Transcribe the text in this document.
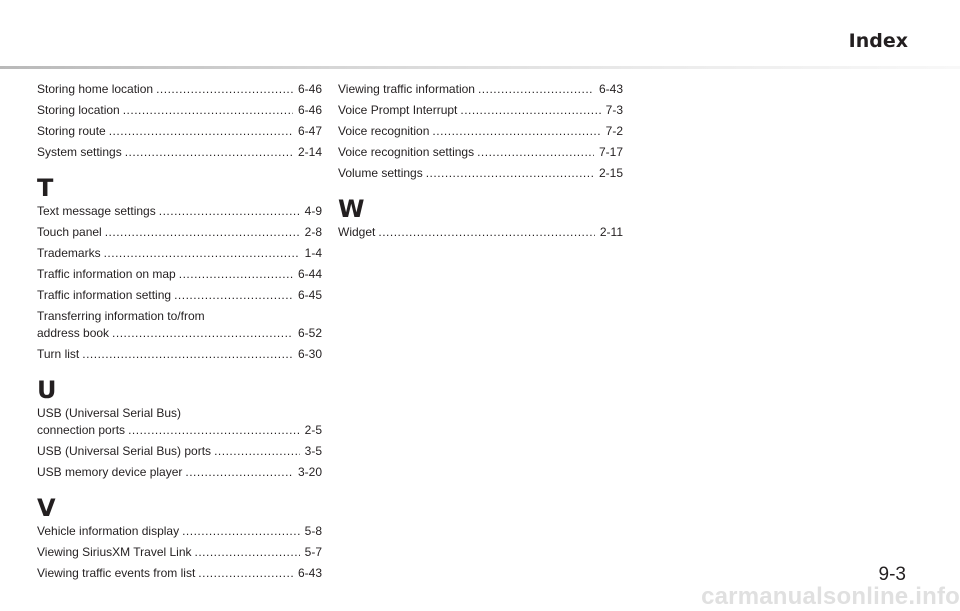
Index
Storing home location .....	6-46
Storing location .....	6-46
Storing route .....	6-47
System settings .....	2-14
T
Text message settings .....	4-9
Touch panel .....	2-8
Trademarks .....	1-4
Traffic information on map .....	6-44
Traffic information setting .....	6-45
Transferring information to/from
address book .....	6-52
Turn list .....	6-30
U
USB (Universal Serial Bus)
connection ports .....	2-5
USB (Universal Serial Bus) ports .....	3-5
USB memory device player .....	3-20
V
Vehicle information display .....	5-8
Viewing SiriusXM Travel Link .....	5-7
Viewing traffic events from list .....	6-43
Viewing traffic information .....	6-43
Voice Prompt Interrupt .....	7-3
Voice recognition .....	7-2
Voice recognition settings .....	7-17
Volume settings .....	2-15
W
Widget .....	2-11
9-3
carmanualsonline.info
